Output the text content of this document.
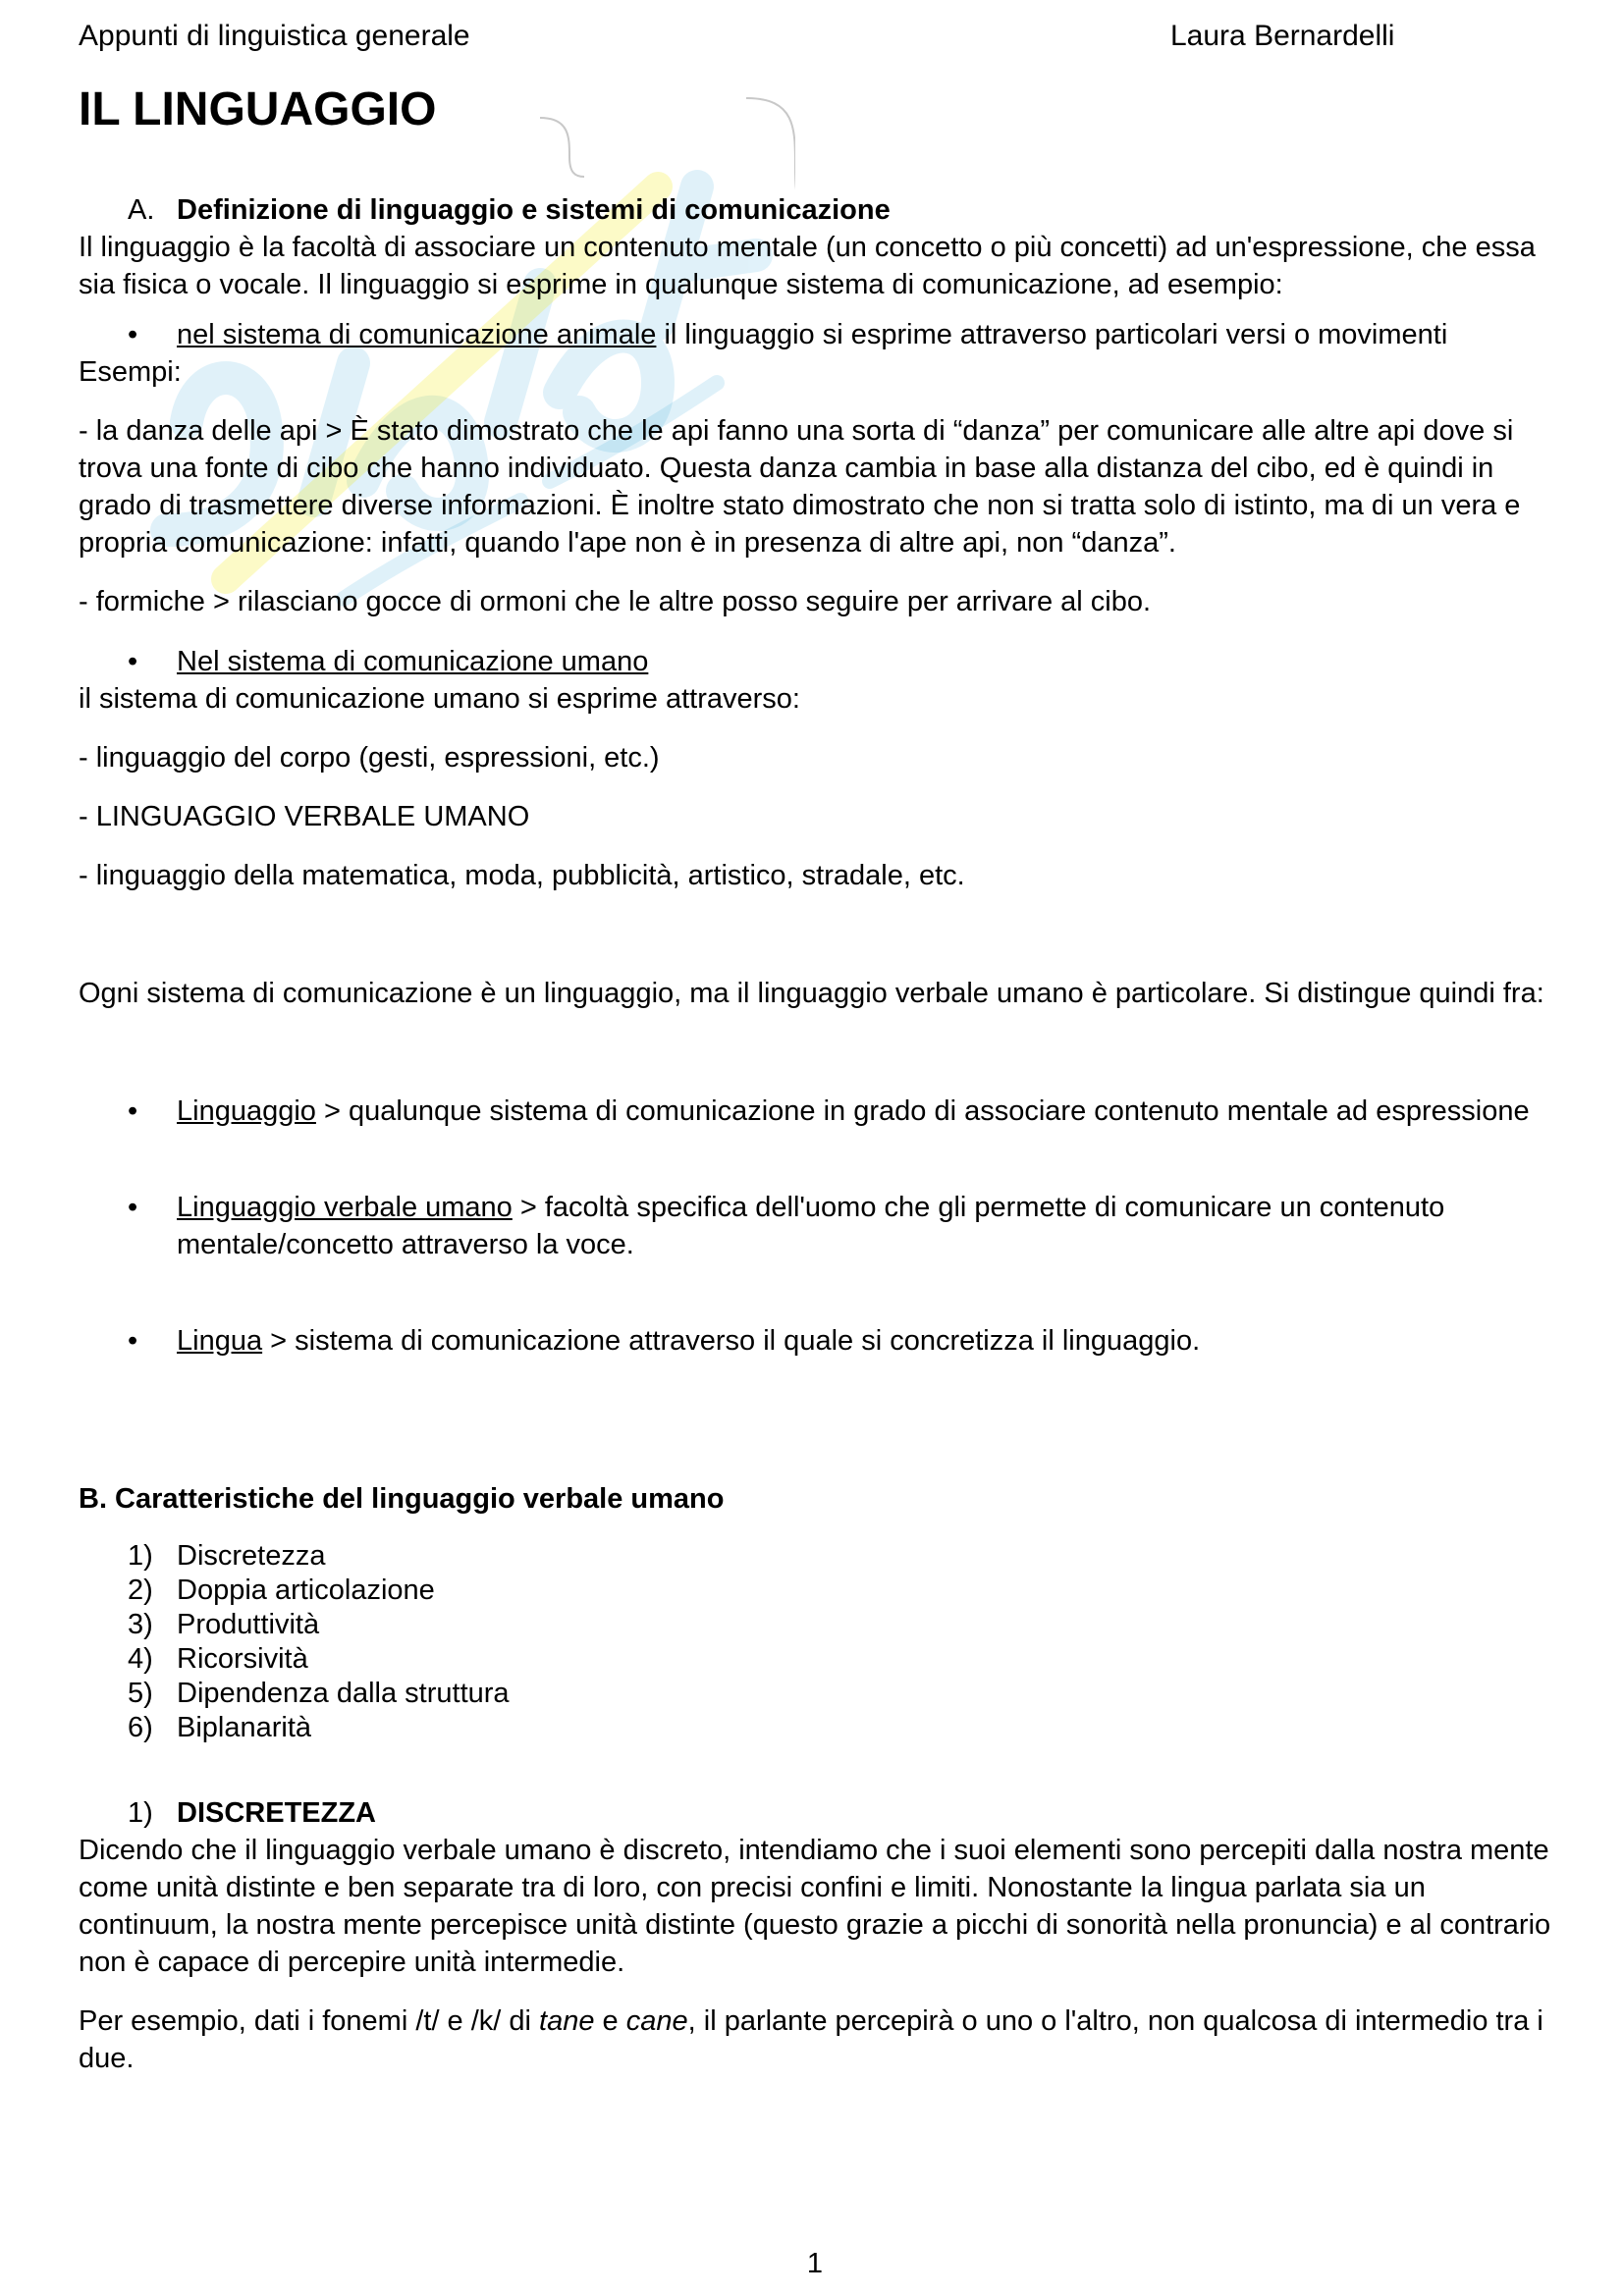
Appunti di linguistica generale	Laura Bernardelli
IL LINGUAGGIO
A. Definizione di linguaggio e sistemi di comunicazione

Il linguaggio è la facoltà di associare un contenuto mentale (un concetto o più concetti) ad un'espressione, che essa sia fisica o vocale. Il linguaggio si esprime in qualunque sistema di comunicazione, ad esempio:

•	nel sistema di comunicazione animale il linguaggio si esprime attraverso particolari versi o movimenti

Esempi:

- la danza delle api > È stato dimostrato che le api fanno una sorta di “danza” per comunicare alle altre api dove si trova una fonte di cibo che hanno individuato. Questa danza cambia in base alla distanza del cibo, ed è quindi in grado di trasmettere diverse informazioni. È inoltre stato dimostrato che non si tratta solo di istinto, ma di un vera e propria comunicazione: infatti, quando l'ape non è in presenza di altre api, non “danza”.

- formiche > rilasciano gocce di ormoni che le altre posso seguire per arrivare al cibo.

•	Nel sistema di comunicazione umano

il sistema di comunicazione umano si esprime attraverso:

- linguaggio del corpo (gesti, espressioni, etc.)

- LINGUAGGIO VERBALE UMANO

- linguaggio della matematica, moda, pubblicità, artistico, stradale, etc.

Ogni sistema di comunicazione è un linguaggio, ma il linguaggio verbale umano è particolare. Si distingue quindi fra:

•	Linguaggio > qualunque sistema di comunicazione in grado di associare contenuto mentale ad espressione
•	Linguaggio verbale umano > facoltà specifica dell'uomo che gli permette di comunicare un contenuto mentale/concetto attraverso la voce.
•	Lingua > sistema di comunicazione attraverso il quale si concretizza il linguaggio.

B. Caratteristiche del linguaggio verbale umano

1) Discretezza
2) Doppia articolazione
3) Produttività
4) Ricorsività
5) Dipendenza dalla struttura
6) Biplanarità
1) DISCRETEZZA

Dicendo che il linguaggio verbale umano è discreto, intendiamo che i suoi elementi sono percepiti dalla nostra mente come unità distinte e ben separate tra di loro, con precisi confini e limiti. Nonostante la lingua parlata sia un continuum, la nostra mente percepisce unità distinte (questo grazie a picchi di sonorità nella pronuncia) e al contrario non è capace di percepire unità intermedie.

Per esempio, dati i fonemi /t/ e /k/ di tane e cane, il parlante percepirà o uno o l'altro, non qualcosa di intermedio tra i due.

1
